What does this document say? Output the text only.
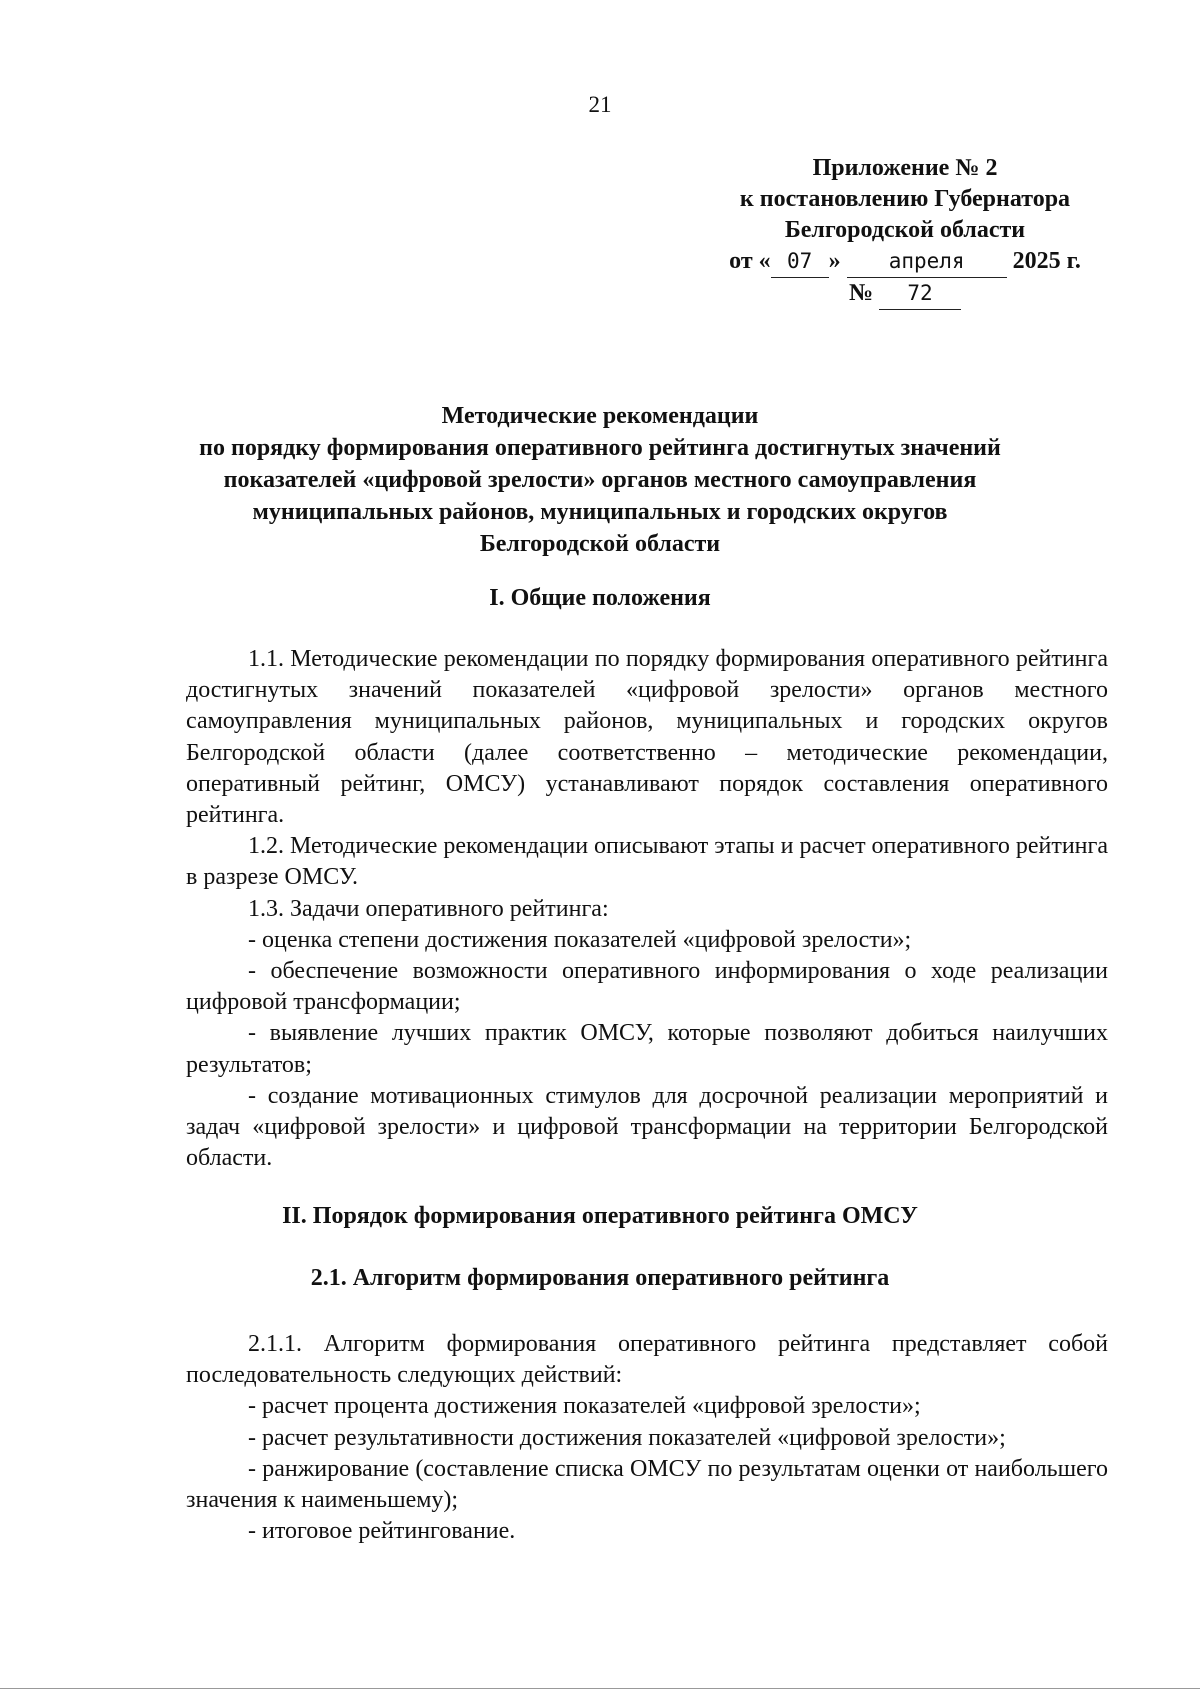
21
Приложение № 2
к постановлению Губернатора
Белгородской области
от « 07 » апреля 2025 г.
№ 72
Методические рекомендации
по порядку формирования оперативного рейтинга достигнутых значений
показателей «цифровой зрелости» органов местного самоуправления
муниципальных районов, муниципальных и городских округов
Белгородской области
I. Общие положения

1.1. Методические рекомендации по порядку формирования оперативного рейтинга достигнутых значений показателей «цифровой зрелости» органов местного самоуправления муниципальных районов, муниципальных и городских округов Белгородской области (далее соответственно – методические рекомендации, оперативный рейтинг, ОМСУ) устанавливают порядок составления оперативного рейтинга.

1.2. Методические рекомендации описывают этапы и расчет оперативного рейтинга в разрезе ОМСУ.

1.3. Задачи оперативного рейтинга:

- оценка степени достижения показателей «цифровой зрелости»;

- обеспечение возможности оперативного информирования о ходе реализации цифровой трансформации;

- выявление лучших практик ОМСУ, которые позволяют добиться наилучших результатов;

- создание мотивационных стимулов для досрочной реализации мероприятий и задач «цифровой зрелости» и цифровой трансформации на территории Белгородской области.

II. Порядок формирования оперативного рейтинга ОМСУ
2.1. Алгоритм формирования оперативного рейтинга

2.1.1. Алгоритм формирования оперативного рейтинга представляет собой последовательность следующих действий:

- расчет процента достижения показателей «цифровой зрелости»;

- расчет результативности достижения показателей «цифровой зрелости»;

- ранжирование (составление списка ОМСУ по результатам оценки от наибольшего значения к наименьшему);

- итоговое рейтингование.
